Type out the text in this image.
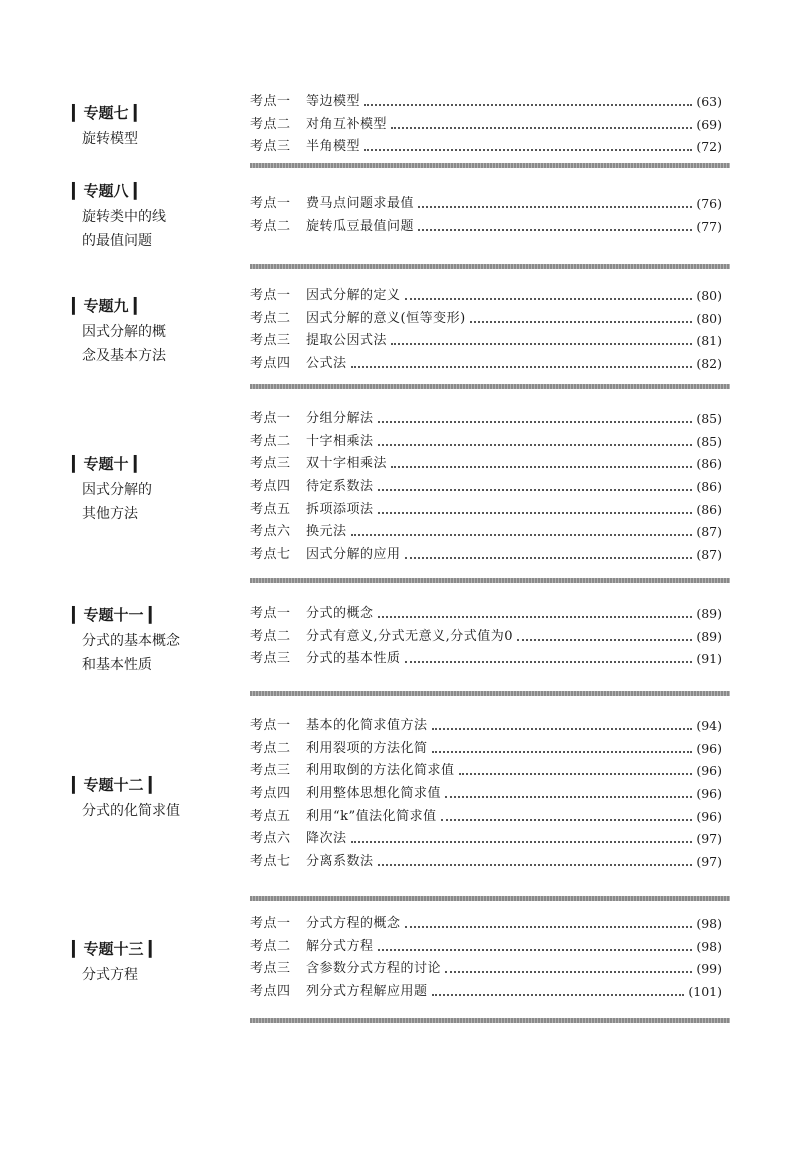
▎专题七 ▎
旋转模型
考点一	等边模型	(63)
考点二	对角互补模型	(69)
考点三	半角模型	(72)
▎专题八 ▎
旋转类中的线
的最值问题
考点一	费马点问题求最值	(76)
考点二	旋转瓜豆最值问题	(77)
▎专题九 ▎
因式分解的概
念及基本方法
考点一	因式分解的定义	(80)
考点二	因式分解的意义(恒等变形)	(80)
考点三	提取公因式法	(81)
考点四	公式法	(82)
▎专题十 ▎
因式分解的
其他方法
考点一	分组分解法	(85)
考点二	十字相乘法	(85)
考点三	双十字相乘法	(86)
考点四	待定系数法	(86)
考点五	拆项添项法	(86)
考点六	换元法	(87)
考点七	因式分解的应用	(87)
▎专题十一 ▎
分式的基本概念
和基本性质
考点一	分式的概念	(89)
考点二	分式有意义,分式无意义,分式值为0	(89)
考点三	分式的基本性质	(91)
▎专题十二 ▎
分式的化简求值
考点一	基本的化简求值方法	(94)
考点二	利用裂项的方法化简	(96)
考点三	利用取倒的方法化简求值	(96)
考点四	利用整体思想化简求值	(96)
考点五	利用“k”值法化简求值	(96)
考点六	降次法	(97)
考点七	分离系数法	(97)
▎专题十三 ▎
分式方程
考点一	分式方程的概念	(98)
考点二	解分式方程	(98)
考点三	含参数分式方程的讨论	(99)
考点四	列分式方程解应用题	(101)
